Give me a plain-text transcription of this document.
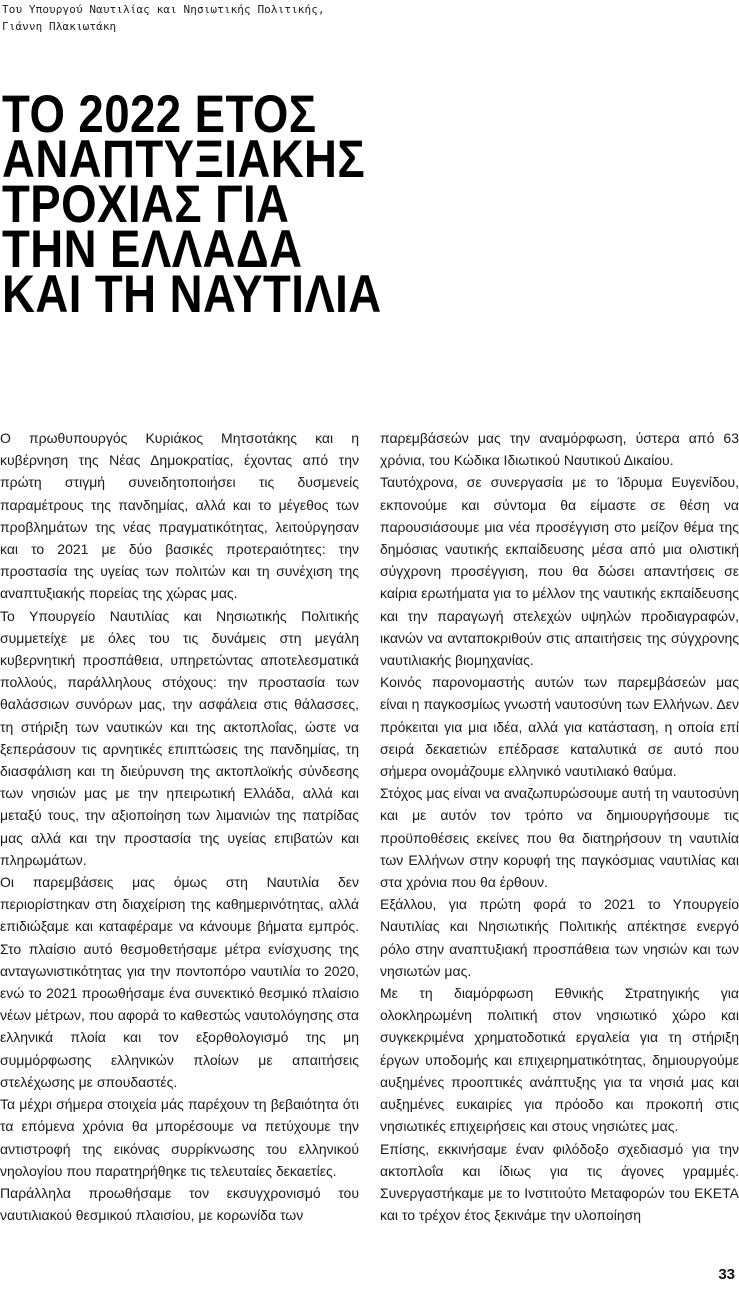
Του Υπουργού Ναυτιλίας και Νησιωτικής Πολιτικής,
Γιάννη Πλακιωτάκη
ΤΟ 2022 ΕΤΟΣ
ΑΝΑΠΤΥΞΙΑΚΗΣ
ΤΡΟΧΙΑΣ ΓΙΑ
ΤΗΝ ΕΛΛΑΔΑ
ΚΑΙ ΤΗ ΝΑΥΤΙΛΙΑ

Ο πρωθυπουργός Κυριάκος Μητσοτάκης και η κυβέρνηση της Νέας Δημοκρατίας, έχοντας από την πρώτη στιγμή συνειδητοποιήσει τις δυσμενείς παραμέτρους της πανδημίας, αλλά και το μέγεθος των προβλημάτων της νέας πραγματικότητας, λειτούργησαν και το 2021 με δύο βασικές προτεραιότητες: την προστασία της υγείας των πολιτών και τη συνέχιση της αναπτυξιακής πορείας της χώρας μας.

Το Υπουργείο Ναυτιλίας και Νησιωτικής Πολιτικής συμμετείχε με όλες του τις δυνάμεις στη μεγάλη κυβερνητική προσπάθεια, υπηρετώντας αποτελεσματικά πολλούς, παράλληλους στόχους: την προστασία των θαλάσσιων συνόρων μας, την ασφάλεια στις θάλασσες, τη στήριξη των ναυτικών και της ακτοπλοΐας, ώστε να ξεπεράσουν τις αρνητικές επιπτώσεις της πανδημίας, τη διασφάλιση και τη διεύρυνση της ακτοπλοϊκής σύνδεσης των νησιών μας με την ηπειρωτική Ελλάδα, αλλά και μεταξύ τους, την αξιοποίηση των λιμανιών της πατρίδας μας αλλά και την προστασία της υγείας επιβατών και πληρωμάτων.

Οι παρεμβάσεις μας όμως στη Ναυτιλία δεν περιορίστηκαν στη διαχείριση της καθημερινότητας, αλλά επιδιώξαμε και καταφέραμε να κάνουμε βήματα εμπρός. Στο πλαίσιο αυτό θεσμοθετήσαμε μέτρα ενίσχυσης της ανταγωνιστικότητας για την ποντοπόρο ναυτιλία το 2020, ενώ το 2021 προωθήσαμε ένα συνεκτικό θεσμικό πλαίσιο νέων μέτρων, που αφορά το καθεστώς ναυτολόγησης στα ελληνικά πλοία και τον εξορθολογισμό της μη συμμόρφωσης ελληνικών πλοίων με απαιτήσεις στελέχωσης με σπουδαστές.

Τα μέχρι σήμερα στοιχεία μάς παρέχουν τη βεβαιότητα ότι τα επόμενα χρόνια θα μπορέσουμε να πετύχουμε την αντιστροφή της εικόνας συρρίκνωσης του ελληνικού νηολογίου που παρατηρήθηκε τις τελευταίες δεκαετίες.

Παράλληλα προωθήσαμε τον εκσυγχρονισμό του ναυτιλιακού θεσμικού πλαισίου, με κορωνίδα των

παρεμβάσεών μας την αναμόρφωση, ύστερα από 63 χρόνια, του Κώδικα Ιδιωτικού Ναυτικού Δικαίου.

Ταυτόχρονα, σε συνεργασία με το Ίδρυμα Ευγενίδου, εκπονούμε και σύντομα θα είμαστε σε θέση να παρουσιάσουμε μια νέα προσέγγιση στο μείζον θέμα της δημόσιας ναυτικής εκπαίδευσης μέσα από μια ολιστική σύγχρονη προσέγγιση, που θα δώσει απαντήσεις σε καίρια ερωτήματα για το μέλλον της ναυτικής εκπαίδευσης και την παραγωγή στελεχών υψηλών προδιαγραφών, ικανών να ανταποκριθούν στις απαιτήσεις της σύγχρονης ναυτιλιακής βιομηχανίας.

Κοινός παρονομαστής αυτών των παρεμβάσεών μας είναι η παγκοσμίως γνωστή ναυτοσύνη των Ελλήνων. Δεν πρόκειται για μια ιδέα, αλλά για κατάσταση, η οποία επί σειρά δεκαετιών επέδρασε καταλυτικά σε αυτό που σήμερα ονομάζουμε ελληνικό ναυτιλιακό θαύμα.

Στόχος μας είναι να αναζωπυρώσουμε αυτή τη ναυτοσύνη και με αυτόν τον τρόπο να δημιουργήσουμε τις προϋποθέσεις εκείνες που θα διατηρήσουν τη ναυτιλία των Ελλήνων στην κορυφή της παγκόσμιας ναυτιλίας και στα χρόνια που θα έρθουν.

Εξάλλου, για πρώτη φορά το 2021 το Υπουργείο Ναυτιλίας και Νησιωτικής Πολιτικής απέκτησε ενεργό ρόλο στην αναπτυξιακή προσπάθεια των νησιών και των νησιωτών μας.

Με τη διαμόρφωση Εθνικής Στρατηγικής για ολοκληρωμένη πολιτική στον νησιωτικό χώρο και συγκεκριμένα χρηματοδοτικά εργαλεία για τη στήριξη έργων υποδομής και επιχειρηματικότητας, δημιουργούμε αυξημένες προοπτικές ανάπτυξης για τα νησιά μας και αυξημένες ευκαιρίες για πρόοδο και προκοπή στις νησιωτικές επιχειρήσεις και στους νησιώτες μας.

Επίσης, εκκινήσαμε έναν φιλόδοξο σχεδιασμό για την ακτοπλοΐα και ίδιως για τις άγονες γραμμές. Συνεργαστήκαμε με το Ινστιτούτο Μεταφορών του ΕΚΕΤΑ και το τρέχον έτος ξεκινάμε την υλοποίηση

33
